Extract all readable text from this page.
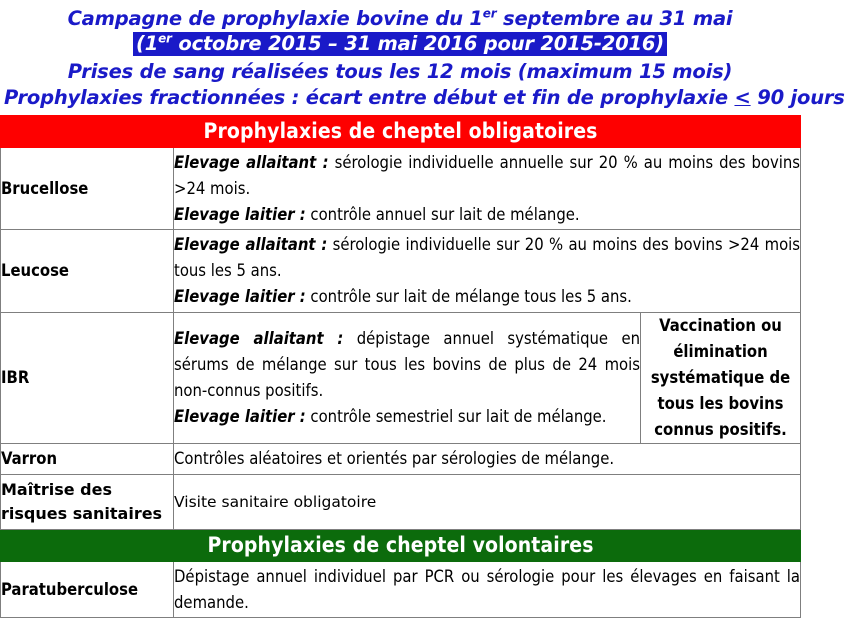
Campagne de prophylaxie bovine du 1er septembre au 31 mai
(1er octobre 2015 – 31 mai 2016 pour 2015-2016)
Prises de sang réalisées tous les 12 mois (maximum 15 mois)
Prophylaxies fractionnées : écart entre début et fin de prophylaxie ≤ 90 jours
Prophylaxies de cheptel obligatoires		
Brucellose	Elevage allaitant : sérologie individuelle annuelle sur 20 % au moins des bovins >24 mois.

Elevage laitier : contrôle annuel sur lait de mélange.	

Leucose	Elevage allaitant : sérologie individuelle sur 20 % au moins des bovins >24 mois tous les 5 ans.

Elevage laitier : contrôle sur lait de mélange tous les 5 ans.	

IBR	Elevage allaitant : dépistage annuel systématique en sérums de mélange sur tous les bovins de plus de 24 mois non-connus positifs.

Elevage laitier : contrôle semestriel sur lait de mélange.	Vaccination ou élimination systématique de tous les bovins connus positifs.
Varron	Contrôles aléatoires et orientés par sérologies de mélange.	

Maîtrise des
risques sanitaires	Visite sanitaire obligatoire	

Prophylaxies de cheptel volontaires		
Paratuberculose	Dépistage annuel individuel par PCR ou sérologie pour les élevages en faisant la demande.	
